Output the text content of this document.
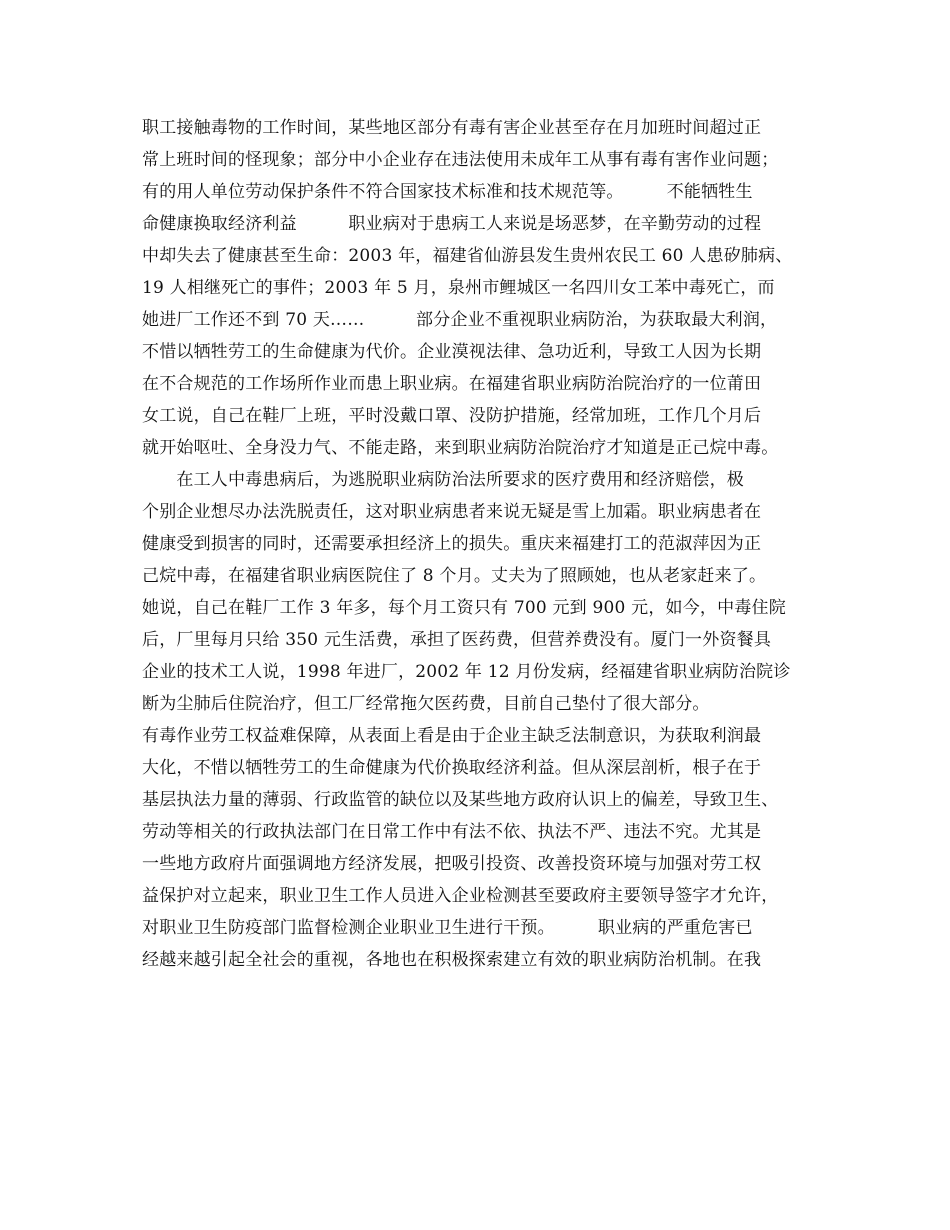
职工接触毒物的工作时间，某些地区部分有毒有害企业甚至存在月加班时间超过正
常上班时间的怪现象；部分中小企业存在违法使用未成年工从事有毒有害作业问题；
有的用人单位劳动保护条件不符合国家技术标准和技术规范等。　　　不能牺牲生
命健康换取经济利益　　　职业病对于患病工人来说是场恶梦，在辛勤劳动的过程
中却失去了健康甚至生命：2003 年，福建省仙游县发生贵州农民工 60 人患矽肺病、
19 人相继死亡的事件；2003 年 5 月，泉州市鲤城区一名四川女工苯中毒死亡，而
她进厂工作还不到 70 天……　　　部分企业不重视职业病防治，为获取最大利润，
不惜以牺牲劳工的生命健康为代价。企业漠视法律、急功近利，导致工人因为长期
在不合规范的工作场所作业而患上职业病。在福建省职业病防治院治疗的一位莆田
女工说，自己在鞋厂上班，平时没戴口罩、没防护措施，经常加班，工作几个月后
就开始呕吐、全身没力气、不能走路，来到职业病防治院治疗才知道是正己烷中毒。
　　在工人中毒患病后，为逃脱职业病防治法所要求的医疗费用和经济赔偿，极
个别企业想尽办法洗脱责任，这对职业病患者来说无疑是雪上加霜。职业病患者在
健康受到损害的同时，还需要承担经济上的损失。重庆来福建打工的范淑萍因为正
己烷中毒，在福建省职业病医院住了 8 个月。丈夫为了照顾她，也从老家赶来了。
她说，自己在鞋厂工作 3 年多，每个月工资只有 700 元到 900 元，如今，中毒住院
后，厂里每月只给 350 元生活费，承担了医药费，但营养费没有。厦门一外资餐具
企业的技术工人说，1998 年进厂，2002 年 12 月份发病，经福建省职业病防治院诊
断为尘肺后住院治疗，但工厂经常拖欠医药费，目前自己垫付了很大部分。
有毒作业劳工权益难保障，从表面上看是由于企业主缺乏法制意识，为获取利润最
大化，不惜以牺牲劳工的生命健康为代价换取经济利益。但从深层剖析，根子在于
基层执法力量的薄弱、行政监管的缺位以及某些地方政府认识上的偏差，导致卫生、
劳动等相关的行政执法部门在日常工作中有法不依、执法不严、违法不究。尤其是
一些地方政府片面强调地方经济发展，把吸引投资、改善投资环境与加强对劳工权
益保护对立起来，职业卫生工作人员进入企业检测甚至要政府主要领导签字才允许，
对职业卫生防疫部门监督检测企业职业卫生进行干预。　　　职业病的严重危害已
经越来越引起全社会的重视，各地也在积极探索建立有效的职业病防治机制。在我
